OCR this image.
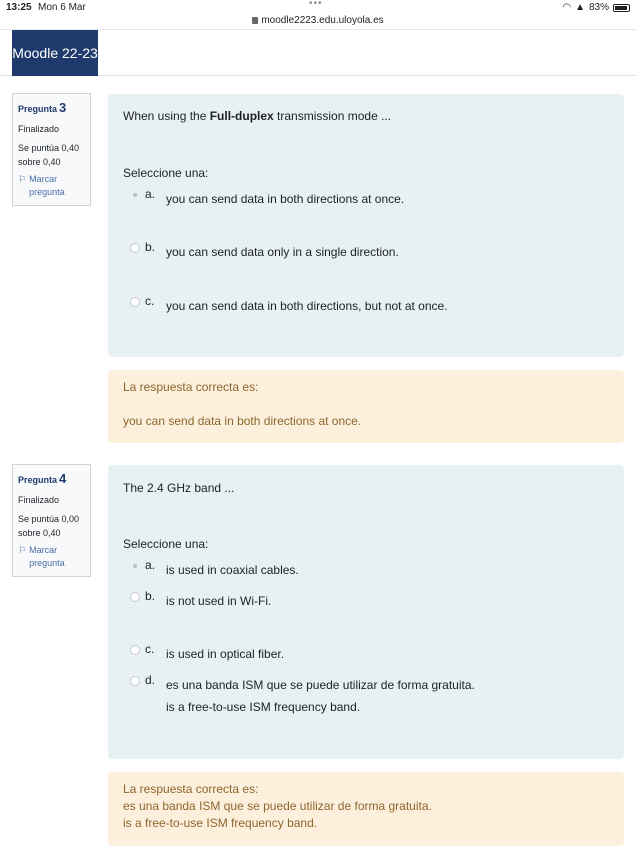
13:25 Mon 6 Mar	•••
moodle2223.edu.uloyola.es
◠ ▲ 83%
Moodle 22-23
Pregunta 3
Finalizado
Se puntúa 0,40
sobre 0,40
⚐ Marcar
pregunta
When using the Full-duplex transmission mode ...
Seleccione una:
a. you can send data in both directions at once.
b. you can send data only in a single direction.
c. you can send data in both directions, but not at once.
La respuesta correcta es:
you can send data in both directions at once.
Pregunta 4
Finalizado
Se puntúa 0,00
sobre 0,40
⚐ Marcar
pregunta
The 2.4 GHz band ...
Seleccione una:
a. is used in coaxial cables.
b. is not used in Wi-Fi.
c. is used in optical fiber.
d. es una banda ISM que se puede utilizar de forma gratuita.
is a free-to-use ISM frequency band.
La respuesta correcta es:
es una banda ISM que se puede utilizar de forma gratuita.
is a free-to-use ISM frequency band.
